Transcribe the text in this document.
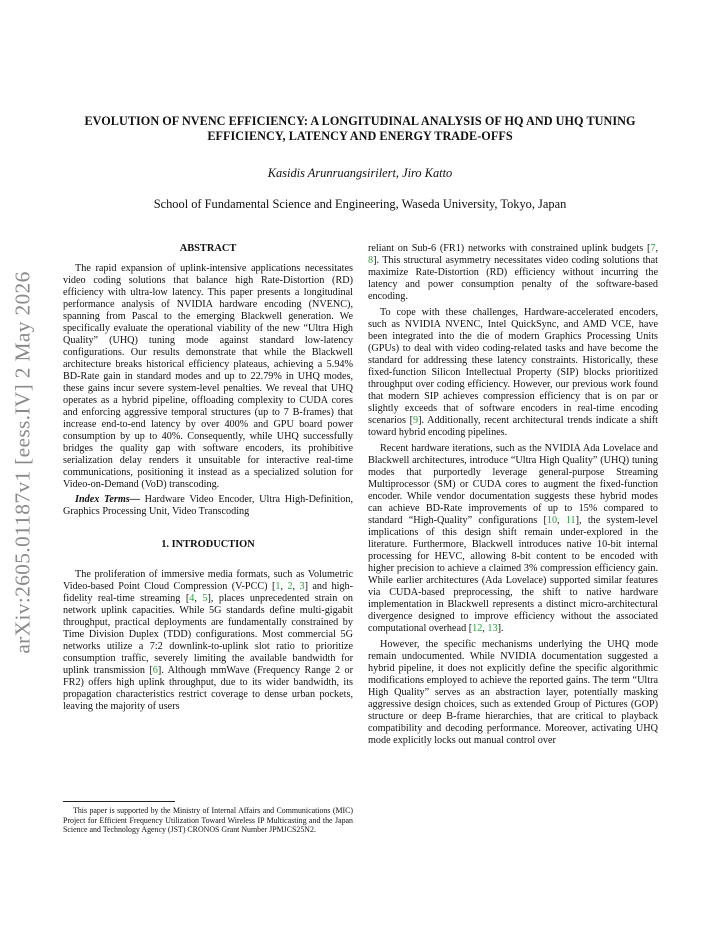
arXiv:2605.01187v1 [eess.IV] 2 May 2026
EVOLUTION OF NVENC EFFICIENCY: A LONGITUDINAL ANALYSIS OF HQ AND UHQ TUNING EFFICIENCY, LATENCY AND ENERGY TRADE-OFFS
Kasidis Arunruangsirilert, Jiro Katto
School of Fundamental Science and Engineering, Waseda University, Tokyo, Japan
ABSTRACT

The rapid expansion of uplink-intensive applications necessitates video coding solutions that balance high Rate-Distortion (RD) efficiency with ultra-low latency. This paper presents a longitudinal performance analysis of NVIDIA hardware encoding (NVENC), spanning from Pascal to the emerging Blackwell generation. We specifically evaluate the operational viability of the new “Ultra High Quality” (UHQ) tuning mode against standard low-latency configurations. Our results demonstrate that while the Blackwell architecture breaks historical efficiency plateaus, achieving a 5.94% BD-Rate gain in standard modes and up to 22.79% in UHQ modes, these gains incur severe system-level penalties. We reveal that UHQ operates as a hybrid pipeline, offloading complexity to CUDA cores and enforcing aggressive temporal structures (up to 7 B-frames) that increase end-to-end latency by over 400% and GPU board power consumption by up to 40%. Consequently, while UHQ successfully bridges the quality gap with software encoders, its prohibitive serialization delay renders it unsuitable for interactive real-time communications, positioning it instead as a specialized solution for Video-on-Demand (VoD) transcoding.

Index Terms— Hardware Video Encoder, Ultra High-Definition, Graphics Processing Unit, Video Transcoding

1. INTRODUCTION

The proliferation of immersive media formats, such as Volumetric Video-based Point Cloud Compression (V-PCC) [1, 2, 3] and high-fidelity real-time streaming [4, 5], places unprecedented strain on network uplink capacities. While 5G standards define multi-gigabit throughput, practical deployments are fundamentally constrained by Time Division Duplex (TDD) configurations. Most commercial 5G networks utilize a 7:2 downlink-to-uplink slot ratio to prioritize consumption traffic, severely limiting the available bandwidth for uplink transmission [6]. Although mmWave (Frequency Range 2 or FR2) offers high uplink throughput, due to its wider bandwidth, its propagation characteristics restrict coverage to dense urban pockets, leaving the majority of users

reliant on Sub-6 (FR1) networks with constrained uplink budgets [7, 8]. This structural asymmetry necessitates video coding solutions that maximize Rate-Distortion (RD) efficiency without incurring the latency and power consumption penalty of the software-based encoding.

To cope with these challenges, Hardware-accelerated encoders, such as NVIDIA NVENC, Intel QuickSync, and AMD VCE, have been integrated into the die of modern Graphics Processing Units (GPUs) to deal with video coding-related tasks and have become the standard for addressing these latency constraints. Historically, these fixed-function Silicon Intellectual Property (SIP) blocks prioritized throughput over coding efficiency. However, our previous work found that modern SIP achieves compression efficiency that is on par or slightly exceeds that of software encoders in real-time encoding scenarios [9]. Additionally, recent architectural trends indicate a shift toward hybrid encoding pipelines.

Recent hardware iterations, such as the NVIDIA Ada Lovelace and Blackwell architectures, introduce “Ultra High Quality” (UHQ) tuning modes that purportedly leverage general-purpose Streaming Multiprocessor (SM) or CUDA cores to augment the fixed-function encoder. While vendor documentation suggests these hybrid modes can achieve BD-Rate improvements of up to 15% compared to standard “High-Quality” configurations [10, 11], the system-level implications of this design shift remain under-explored in the literature. Furthermore, Blackwell introduces native 10-bit internal processing for HEVC, allowing 8-bit content to be encoded with higher precision to achieve a claimed 3% compression efficiency gain. While earlier architectures (Ada Lovelace) supported similar features via CUDA-based preprocessing, the shift to native hardware implementation in Blackwell represents a distinct micro-architectural divergence designed to improve efficiency without the associated computational overhead [12, 13].

However, the specific mechanisms underlying the UHQ mode remain undocumented. While NVIDIA documentation suggested a hybrid pipeline, it does not explicitly define the specific algorithmic modifications employed to achieve the reported gains. The term “Ultra High Quality” serves as an abstraction layer, potentially masking aggressive design choices, such as extended Group of Pictures (GOP) structure or deep B-frame hierarchies, that are critical to playback compatibility and decoding performance. Moreover, activating UHQ mode explicitly locks out manual control over

This paper is supported by the Ministry of Internal Affairs and Communications (MIC) Project for Efficient Frequency Utilization Toward Wireless IP Multicasting and the Japan Science and Technology Agency (JST) CRONOS Grant Number JPMJCS25N2.
